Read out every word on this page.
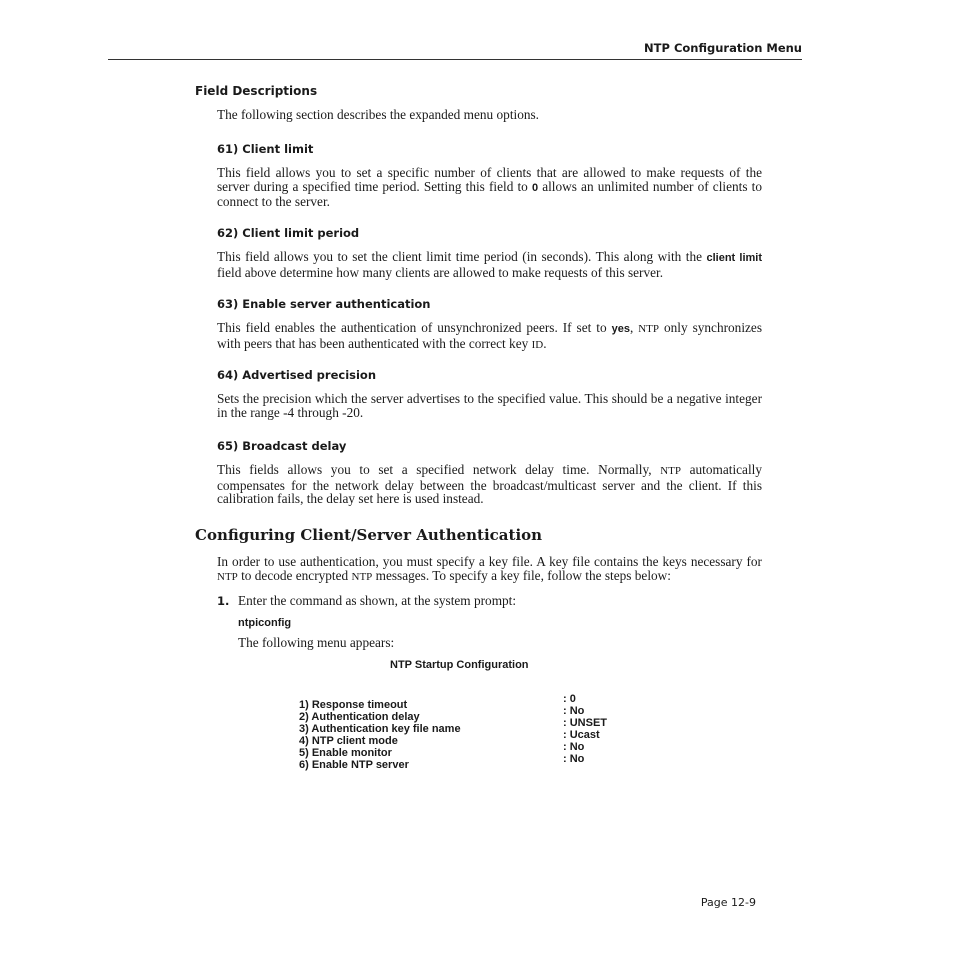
NTP Configuration Menu
Field Descriptions
The following section describes the expanded menu options.
61) Client limit
This field allows you to set a specific number of clients that are allowed to make requests of the server during a specified time period. Setting this field to 0 allows an unlimited number of clients to connect to the server.
62) Client limit period
This field allows you to set the client limit time period (in seconds). This along with the client limit field above determine how many clients are allowed to make requests of this server.
63) Enable server authentication
This field enables the authentication of unsynchronized peers. If set to yes, NTP only synchronizes with peers that has been authenticated with the correct key ID.
64) Advertised precision
Sets the precision which the server advertises to the specified value. This should be a negative integer in the range -4 through -20.
65) Broadcast delay
This fields allows you to set a specified network delay time. Normally, NTP automatically compensates for the network delay between the broadcast/multicast server and the client. If this calibration fails, the delay set here is used instead.
Configuring Client/Server Authentication
In order to use authentication, you must specify a key file. A key file contains the keys necessary for NTP to decode encrypted NTP messages. To specify a key file, follow the steps below:
1. Enter the command as shown, at the system prompt:
ntpiconfig
The following menu appears:
NTP Startup Configuration
1) Response timeout	: 0
2) Authentication delay	: No
3) Authentication key file name	: UNSET
4) NTP client mode	: Ucast
5) Enable monitor	: No
6) Enable NTP server	: No
Page 12-9
